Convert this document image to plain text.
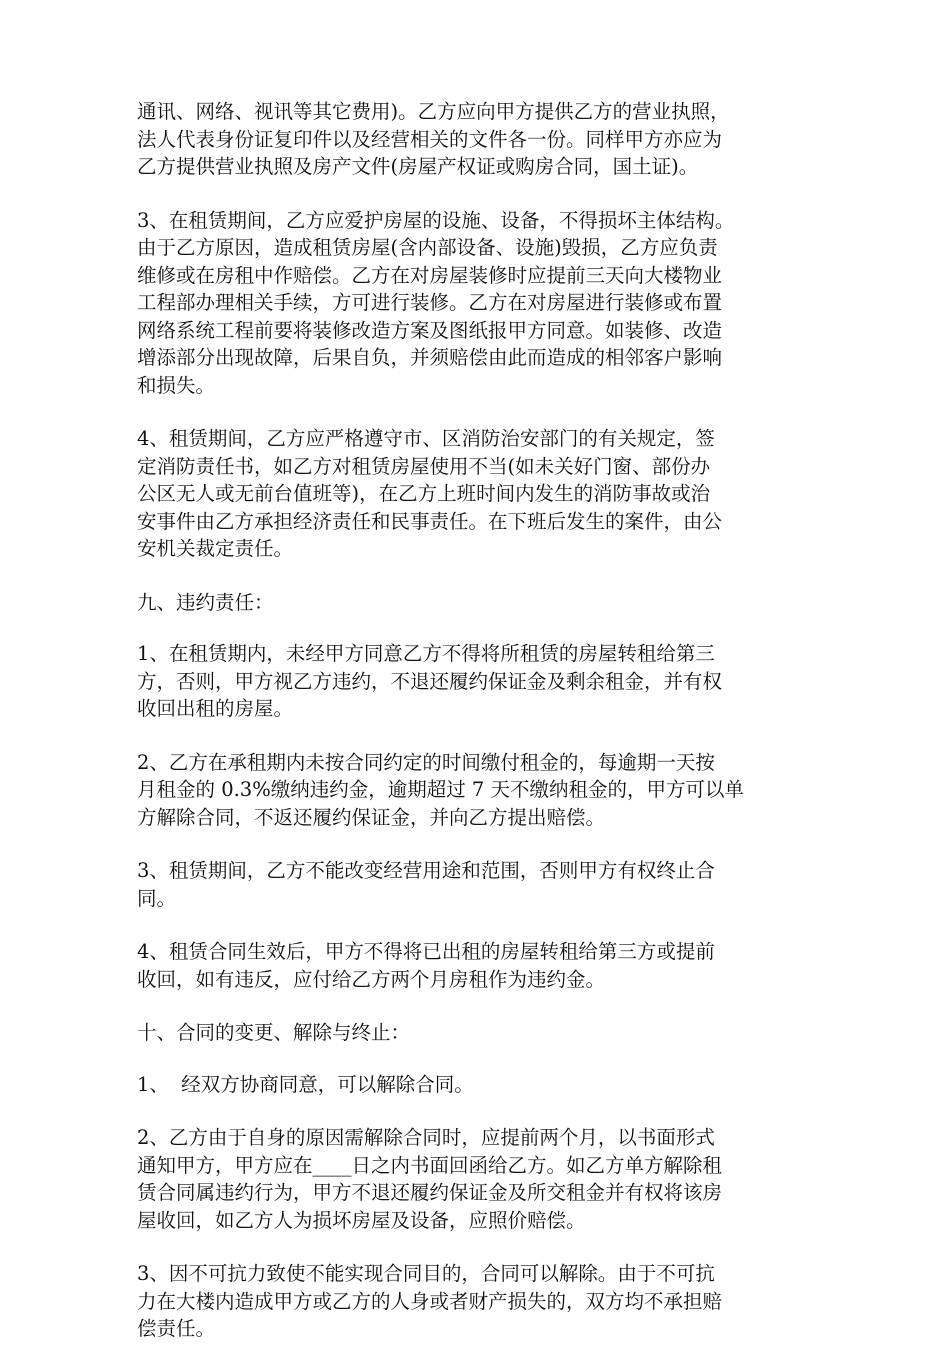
通讯、网络、视讯等其它费用)。乙方应向甲方提供乙方的营业执照，
法人代表身份证复印件以及经营相关的文件各一份。同样甲方亦应为
乙方提供营业执照及房产文件(房屋产权证或购房合同，国土证)。

3、在租赁期间，乙方应爱护房屋的设施、设备，不得损坏主体结构。
由于乙方原因，造成租赁房屋(含内部设备、设施)毁损，乙方应负责
维修或在房租中作赔偿。乙方在对房屋装修时应提前三天向大楼物业
工程部办理相关手续，方可进行装修。乙方在对房屋进行装修或布置
网络系统工程前要将装修改造方案及图纸报甲方同意。如装修、改造
增添部分出现故障，后果自负，并须赔偿由此而造成的相邻客户影响
和损失。

4、租赁期间，乙方应严格遵守市、区消防治安部门的有关规定，签
定消防责任书，如乙方对租赁房屋使用不当(如未关好门窗、部份办
公区无人或无前台值班等)，在乙方上班时间内发生的消防事故或治
安事件由乙方承担经济责任和民事责任。在下班后发生的案件，由公
安机关裁定责任。

九、违约责任：

1、在租赁期内，未经甲方同意乙方不得将所租赁的房屋转租给第三
方，否则，甲方视乙方违约，不退还履约保证金及剩余租金，并有权
收回出租的房屋。

2、乙方在承租期内未按合同约定的时间缴付租金的，每逾期一天按
月租金的 0.3%缴纳违约金，逾期超过 7 天不缴纳租金的，甲方可以单
方解除合同，不返还履约保证金，并向乙方提出赔偿。

3、租赁期间，乙方不能改变经营用途和范围，否则甲方有权终止合
同。

4、租赁合同生效后，甲方不得将已出租的房屋转租给第三方或提前
收回，如有违反，应付给乙方两个月房租作为违约金。

十、合同的变更、解除与终止：

1、  经双方协商同意，可以解除合同。

2、乙方由于自身的原因需解除合同时，应提前两个月，以书面形式
通知甲方，甲方应在____日之内书面回函给乙方。如乙方单方解除租
赁合同属违约行为，甲方不退还履约保证金及所交租金并有权将该房
屋收回，如乙方人为损坏房屋及设备，应照价赔偿。

3、因不可抗力致使不能实现合同目的，合同可以解除。由于不可抗
力在大楼内造成甲方或乙方的人身或者财产损失的，双方均不承担赔
偿责任。
